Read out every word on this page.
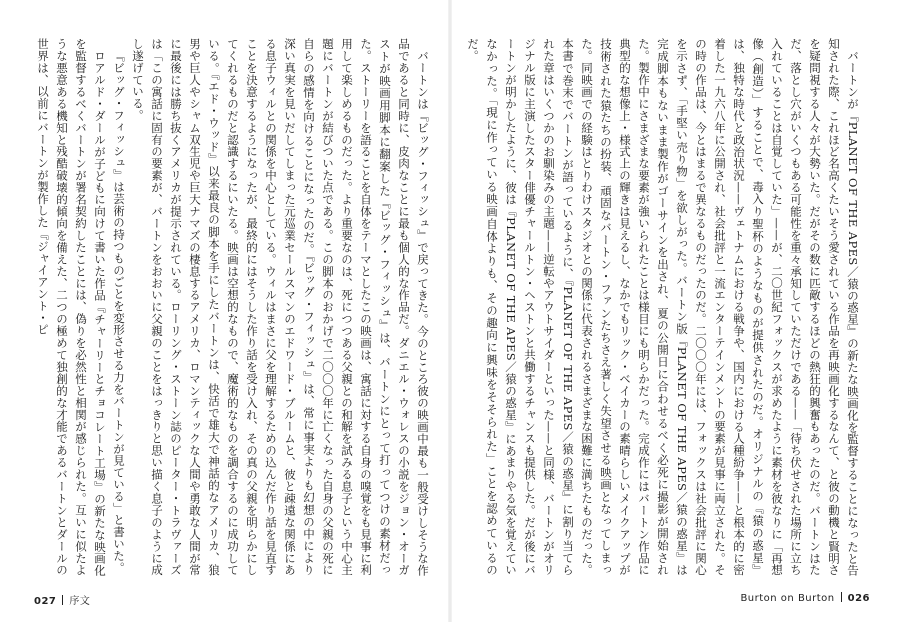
バートンが『PLANET OF THE APES／猿の惑星』の新たな映画化を監督することになったと告知された際、これほど名高くたいそう愛されている作品を再映画化するなんて、と彼の動機と賢明さを疑問視する人々が大勢いた。だがその数に匹敵するほどの熱狂的興奮もあったのだ。バートンはただ、落とし穴がいくつもある可能性を重々承知していただけである——「待ち伏せされた場所に立ち入れていることは自覚していた」——が、二〇世紀フォックスが求めたように素材を彼なりに「再想像（創造）」することで、毒入り聖杯のようなものが提供されたのだ。オリジナルの『猿の惑星』は、独特な時代と政治状況——ヴェトナムにおける戦争や、国内における人種紛争——と根本的に密着した一九六八年に公開され、社会批評と一流エンターテインメントの要素が見事に両立された。その時の作品は、今とはまるで異なるものだったのだ。二〇〇〇年には、フォックスは社会批評に関心を示さず、「手堅い売り物」を欲しがった。バートン版『PLANET OF THE APES／猿の惑星』は完成脚本もないまま製作がゴーサインを出され、夏の公開日に合わせるべく必死に撮影が開始された。製作中にさまざまな要素が強いられたことは様目にも明らかだった。完成作にはバートン作品に典型的な想像上・様式上の輝きは見えるし、なかでもリック・ベイカーの素晴らしいメイクアップが技術された猿たちの扮装、頑固なバートン・ファンたちさえ著しく失望させる映画となってしまった。同映画での経験はとりわけスタジオとの関係に代表されるさまざまな困難に満ちたものだった。本書で巻末でバートンが語っているように、『PLANET OF THE APES／猿の惑星』に割り当てられた章はいくつかのお馴染みの主題——逆転やアウトサイダーといった——と同様、バートンがオリジナル版に主演したスター俳優チャールトン・ヘストンと共働するチャンスも提供した。だが後にバートンが明かしたように、彼は『PLANET OF THE APES／猿の惑星』にあまりやる気を覚えていなかった。「現に作っている映画自体よりも、その趣向に興味をそそられた」ことを認めているのだ。

バートンは『ビッグ・フィッシュ』で戻ってきた。今のところ彼の映画中最も一般受けしそうな作品であると同時に、皮肉なことに最も個人的な作品だ。ダニエル・ウォレスの小説をジョン・オーガストが映画用脚本に翻案した『ビッグ・フィッシュ』は、バートンにとって打ってつけの素材だった。ストーリーを語ることを自体をテーマとしたこの映画は、寓話に対する自身の嗅覚をも見事に利用して楽しめるものだった。より重要なのは、死につつある父親との和解を試みる息子という中心主題にバートンが結びついた点である。この脚本のおかげで二〇〇〇年に亡くなった自身の父親の死に自らの感情を向けることになったのだ。『ビッグ・フィッシュ』は、常に事実よりも幻想の中により深い真実を見いだしてしまった元巡業セールスマンのエドワード・ブルームと、彼と疎遠な関係にある息子ウィルとの関係を中心としている。ウィルはまさに父を理解するための込んだ作り話を見直すことを決意するようになったが、最終的にはそうした作り話を受け入れ、その真の父親を明らかにしてくれるものだと認識するにいたる。映画は空想的なもので、魔術的なものを調合するのに成功している。『エド・ウッド』以来最良の脚本を手にしたバートンは、快活で雄大で神話的なアメリカ、狼男や巨人やシャム双生児や巨大ナマズの棲息するアメリカ、ロマンティックな人間や勇敢な人間が常に最後には勝ち抜くアメリカが提示されている。ローリング・ストーン誌のピーター・トラヴァーズは「この寓話に固有の要素が、バートンをおおいに父親のことをはっきりと思い描く息子のように成し遂げている。

『ビッグ・フィッシュ』は芸術の持つものごとを変形させる力をバートンが見ている」と書いた。

ロアルド・ダールが子どもに向けて書いた作品『チャーリーとチョコレート工場』の新たな映画化を監督するべくバートンが署名契約したことには、偽りを必然性と相関が感じられた。互いに似たような悪意ある機知と残酷破壊的傾向を備えた、二つの極めて独創的な才能であるバートンとダールの世界は、以前にバートンが製作した『ジャイアント・ピ

027 序文	Burton on Burton 026
